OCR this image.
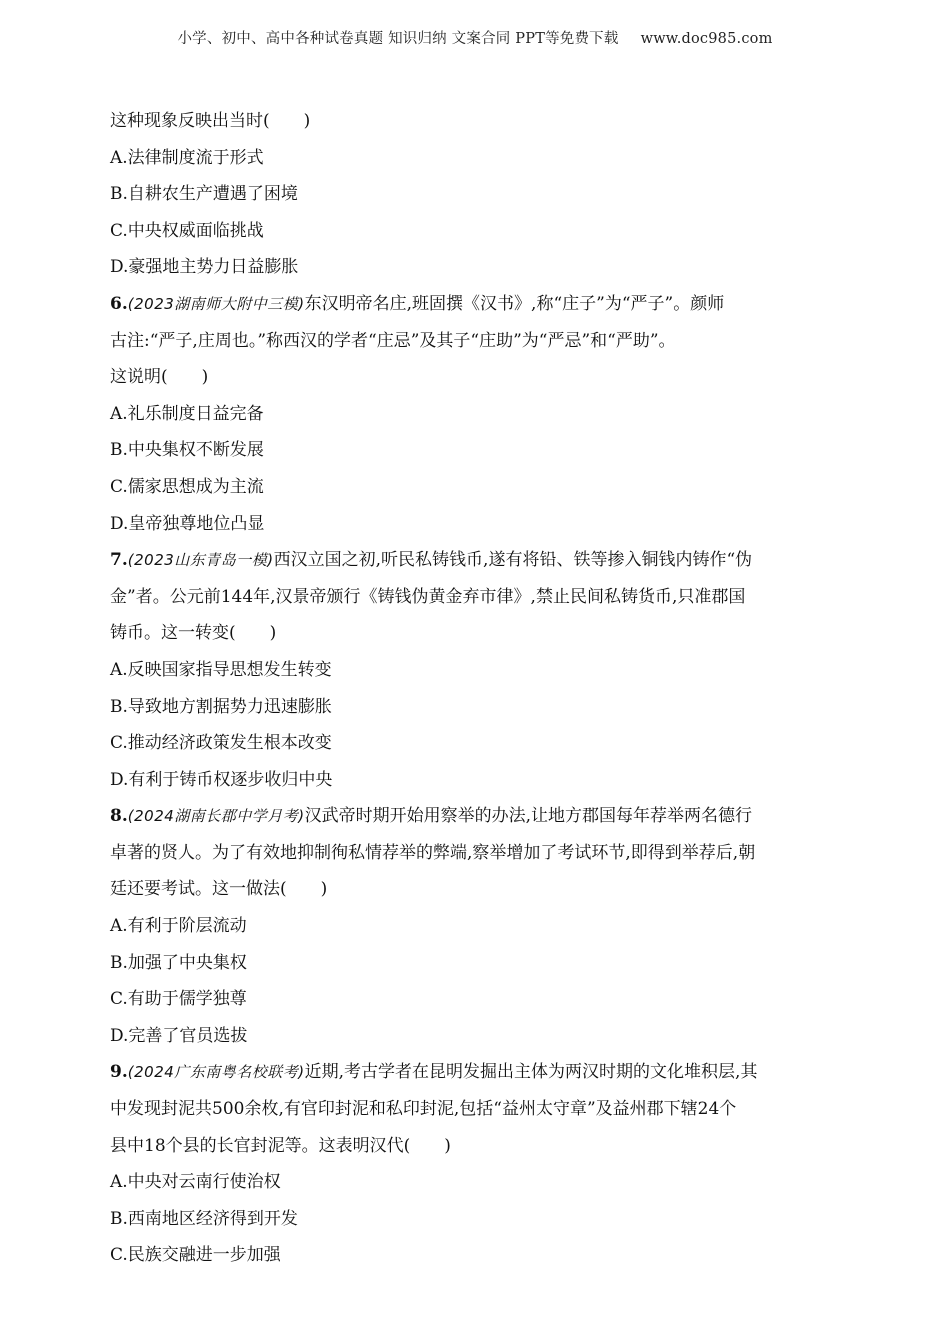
小学、初中、高中各种试卷真题 知识归纳 文案合同 PPT等免费下载 www.doc985.com
这种现象反映出当时(　　)
A.法律制度流于形式
B.自耕农生产遭遇了困境
C.中央权威面临挑战
D.豪强地主势力日益膨胀
6.(2023湖南师大附中三模)东汉明帝名庄,班固撰《汉书》,称“庄子”为“严子”。颜师
古注:“严子,庄周也。”称西汉的学者“庄忌”及其子“庄助”为“严忌”和“严助”。
这说明(　　)
A.礼乐制度日益完备
B.中央集权不断发展
C.儒家思想成为主流
D.皇帝独尊地位凸显
7.(2023山东青岛一模)西汉立国之初,听民私铸钱币,遂有将铅、铁等掺入铜钱内铸作“伪
金”者。公元前144年,汉景帝颁行《铸钱伪黄金弃市律》,禁止民间私铸货币,只准郡国
铸币。这一转变(　　)
A.反映国家指导思想发生转变
B.导致地方割据势力迅速膨胀
C.推动经济政策发生根本改变
D.有利于铸币权逐步收归中央
8.(2024湖南长郡中学月考)汉武帝时期开始用察举的办法,让地方郡国每年荐举两名德行
卓著的贤人。为了有效地抑制徇私情荐举的弊端,察举增加了考试环节,即得到举荐后,朝
廷还要考试。这一做法(　　)
A.有利于阶层流动
B.加强了中央集权
C.有助于儒学独尊
D.完善了官员选拔
9.(2024广东南粤名校联考)近期,考古学者在昆明发掘出主体为两汉时期的文化堆积层,其
中发现封泥共500余枚,有官印封泥和私印封泥,包括“益州太守章”及益州郡下辖24个
县中18个县的长官封泥等。这表明汉代(　　)
A.中央对云南行使治权
B.西南地区经济得到开发
C.民族交融进一步加强
